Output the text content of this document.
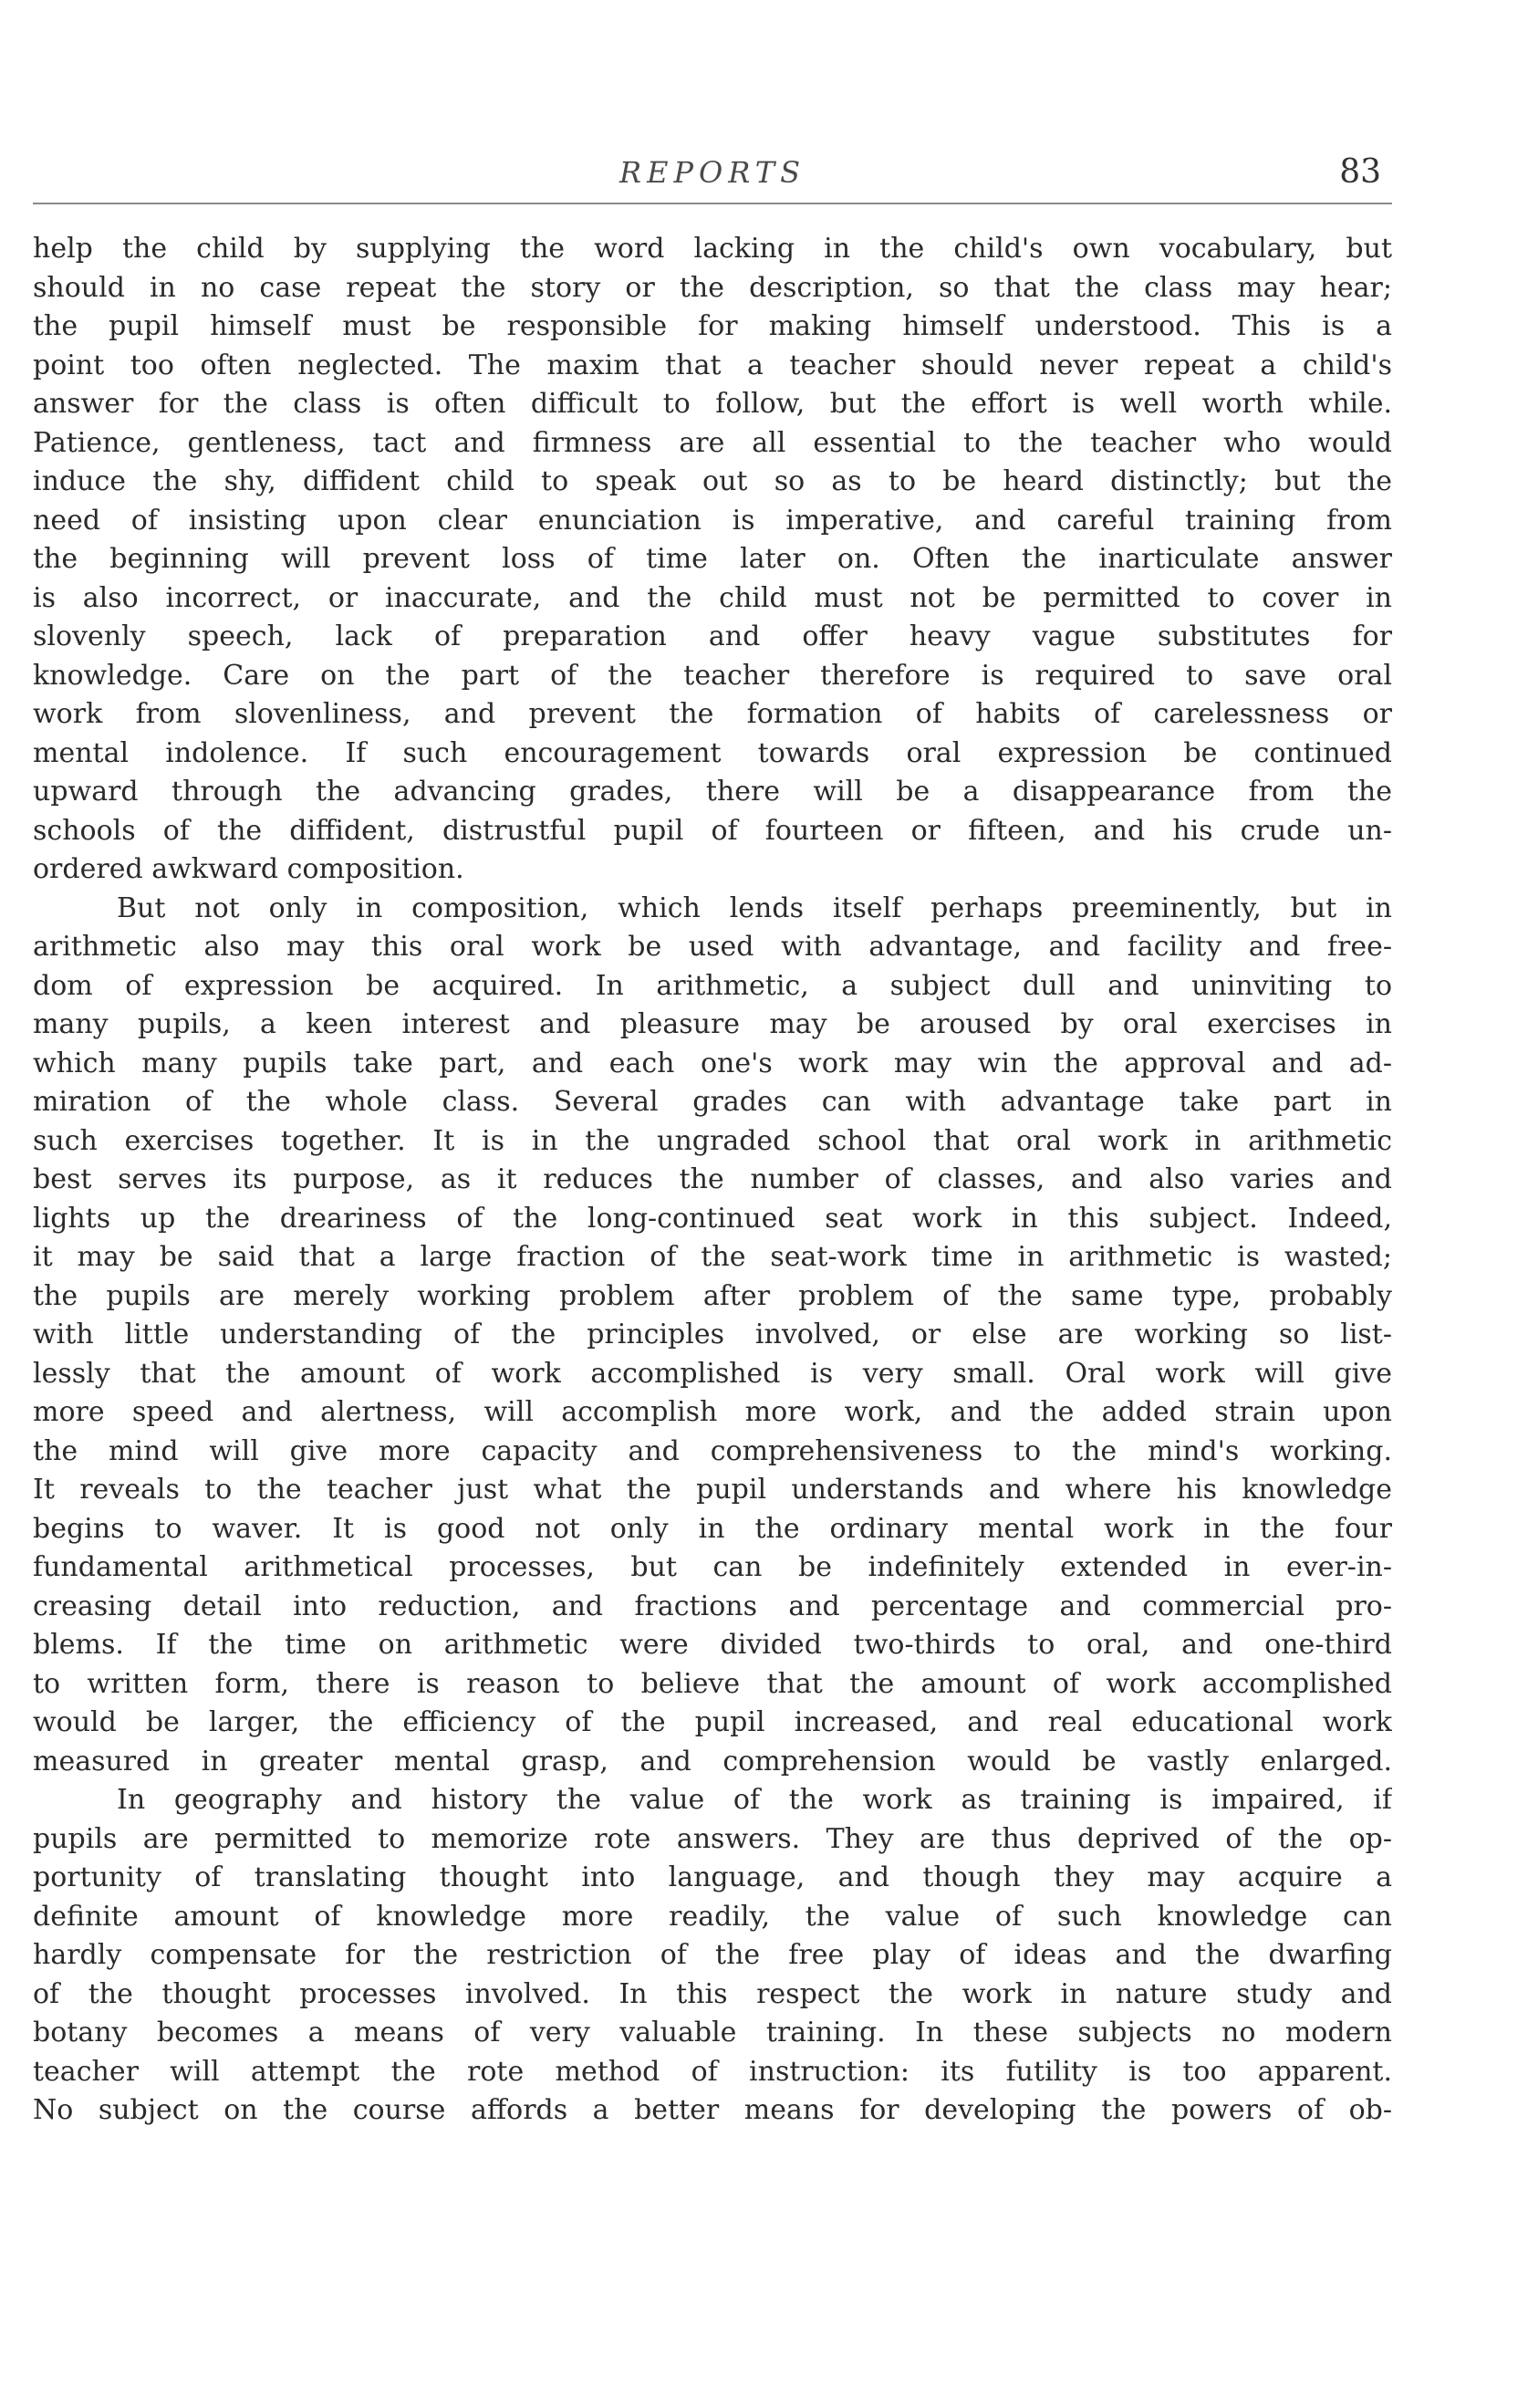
REPORTS	83
help the child by supplying the word lacking in the child's own vocabulary, but
should in no case repeat the story or the description, so that the class may hear;
the pupil himself must be responsible for making himself understood. This is a
point too often neglected. The maxim that a teacher should never repeat a child's
answer for the class is often difficult to follow, but the effort is well worth while.
Patience, gentleness, tact and firmness are all essential to the teacher who would
induce the shy, diffident child to speak out so as to be heard distinctly; but the
need of insisting upon clear enunciation is imperative, and careful training from
the beginning will prevent loss of time later on. Often the inarticulate answer
is also incorrect, or inaccurate, and the child must not be permitted to cover in
slovenly speech, lack of preparation and offer heavy vague substitutes for
knowledge. Care on the part of the teacher therefore is required to save oral
work from slovenliness, and prevent the formation of habits of carelessness or
mental indolence. If such encouragement towards oral expression be continued
upward through the advancing grades, there will be a disappearance from the
schools of the diffident, distrustful pupil of fourteen or fifteen, and his crude un-
ordered awkward composition.
But not only in composition, which lends itself perhaps preeminently, but in
arithmetic also may this oral work be used with advantage, and facility and free-
dom of expression be acquired. In arithmetic, a subject dull and uninviting to
many pupils, a keen interest and pleasure may be aroused by oral exercises in
which many pupils take part, and each one's work may win the approval and ad-
miration of the whole class. Several grades can with advantage take part in
such exercises together. It is in the ungraded school that oral work in arithmetic
best serves its purpose, as it reduces the number of classes, and also varies and
lights up the dreariness of the long-continued seat work in this subject. Indeed,
it may be said that a large fraction of the seat-work time in arithmetic is wasted;
the pupils are merely working problem after problem of the same type, probably
with little understanding of the principles involved, or else are working so list-
lessly that the amount of work accomplished is very small. Oral work will give
more speed and alertness, will accomplish more work, and the added strain upon
the mind will give more capacity and comprehensiveness to the mind's working.
It reveals to the teacher just what the pupil understands and where his knowledge
begins to waver. It is good not only in the ordinary mental work in the four
fundamental arithmetical processes, but can be indefinitely extended in ever-in-
creasing detail into reduction, and fractions and percentage and commercial pro-
blems. If the time on arithmetic were divided two-thirds to oral, and one-third
to written form, there is reason to believe that the amount of work accomplished
would be larger, the efficiency of the pupil increased, and real educational work
measured in greater mental grasp, and comprehension would be vastly enlarged.
In geography and history the value of the work as training is impaired, if
pupils are permitted to memorize rote answers. They are thus deprived of the op-
portunity of translating thought into language, and though they may acquire a
definite amount of knowledge more readily, the value of such knowledge can
hardly compensate for the restriction of the free play of ideas and the dwarfing
of the thought processes involved. In this respect the work in nature study and
botany becomes a means of very valuable training. In these subjects no modern
teacher will attempt the rote method of instruction: its futility is too apparent.
No subject on the course affords a better means for developing the powers of ob-
